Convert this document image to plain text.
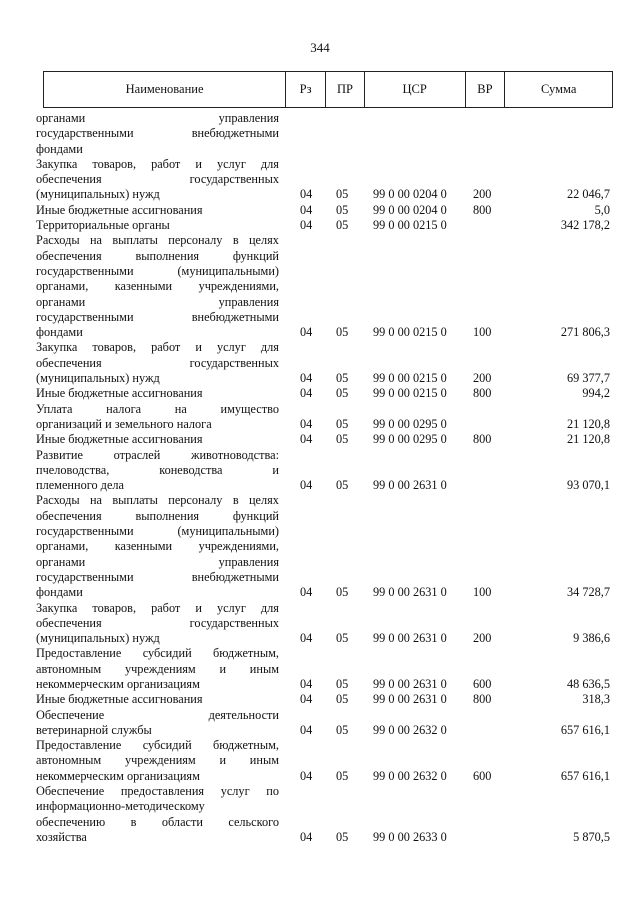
344
Наименование	Рз	ПР	ЦСР	ВР	Сумма
органами	управления
государственными	внебюджетными
фондами
Закупка товаров, работ и услуг для
обеспечения	государственных
(муниципальных) нужд	04 05 99 0 00 0204 0 200	22 046,7
Иные бюджетные ассигнования	04 05 99 0 00 0204 0 800	5,0
Территориальные органы	04 05 99 0 00 0215 0	342 178,2
Расходы на выплаты персоналу в целях
обеспечения	выполнения	функций
государственными	(муниципальными)
органами, казенными учреждениями,
органами	управления
государственными	внебюджетными
фондами	04 05 99 0 00 0215 0 100	271 806,3
Закупка товаров, работ и услуг для
обеспечения	государственных
(муниципальных) нужд	04 05 99 0 00 0215 0 200	69 377,7
Иные бюджетные ассигнования	04 05 99 0 00 0215 0 800	994,2
Уплата	налога	на	имущество
организаций и земельного налога	04 05 99 0 00 0295 0	21 120,8
Иные бюджетные ассигнования	04 05 99 0 00 0295 0 800	21 120,8
Развитие отраслей животноводства:
пчеловодства,	коневодства	и
племенного дела	04 05 99 0 00 2631 0	93 070,1
Расходы на выплаты персоналу в целях
обеспечения	выполнения	функций
государственными	(муниципальными)
органами, казенными учреждениями,
органами	управления
государственными	внебюджетными
фондами	04 05 99 0 00 2631 0 100	34 728,7
Закупка товаров, работ и услуг для
обеспечения	государственных
(муниципальных) нужд	04 05 99 0 00 2631 0 200	9 386,6
Предоставление субсидий бюджетным,
автономным учреждениям и иным
некоммерческим организациям	04 05 99 0 00 2631 0 600	48 636,5
Иные бюджетные ассигнования	04 05 99 0 00 2631 0 800	318,3
Обеспечение	деятельности
ветеринарной службы	04 05 99 0 00 2632 0	657 616,1
Предоставление субсидий бюджетным,
автономным учреждениям и иным
некоммерческим организациям	04 05 99 0 00 2632 0 600	657 616,1
Обеспечение предоставления услуг по
информационно-методическому
обеспечению в области сельского
хозяйства	04 05 99 0 00 2633 0	5 870,5
